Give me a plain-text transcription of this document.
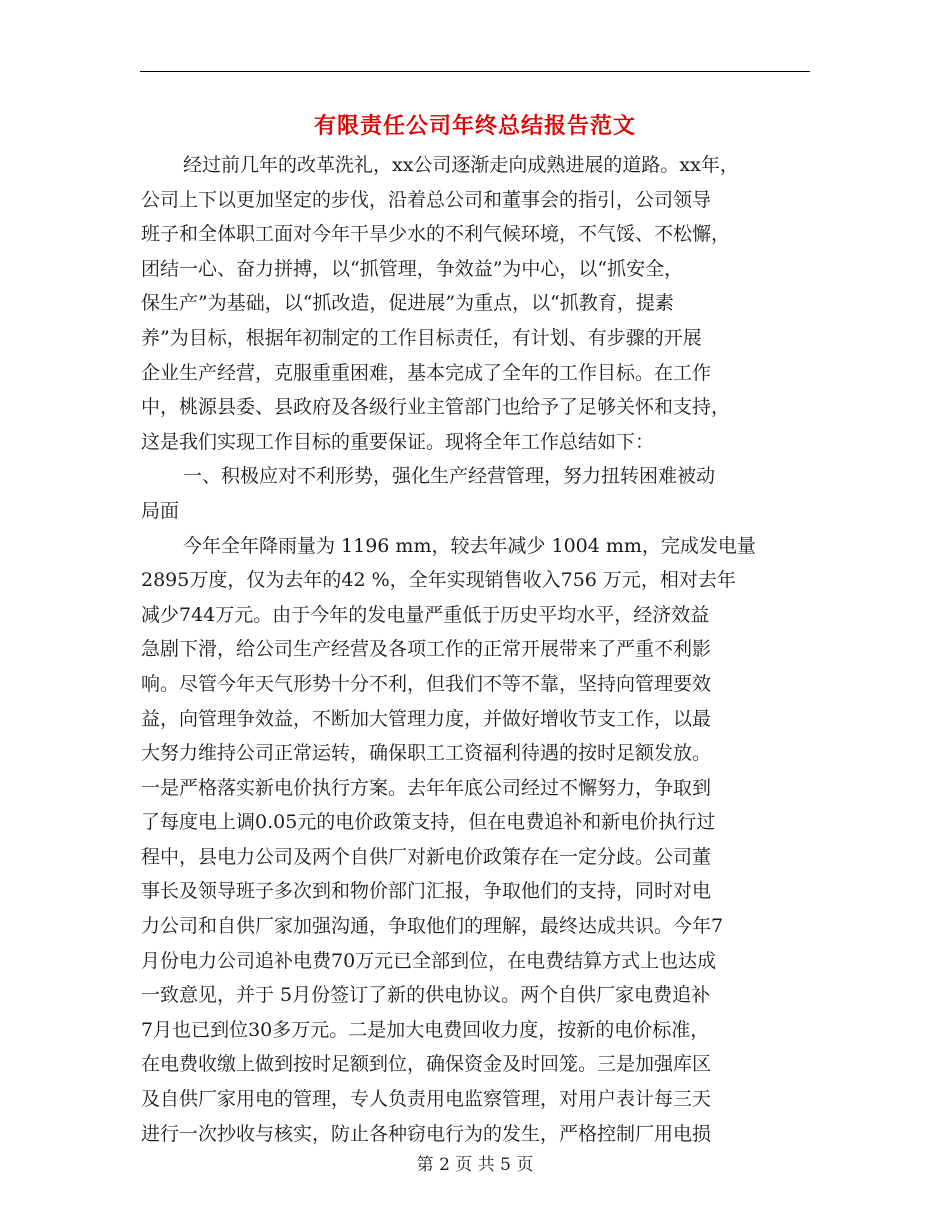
有限责任公司年终总结报告范文
经过前几年的改革洗礼，xx公司逐渐走向成熟进展的道路。xx年，
公司上下以更加坚定的步伐，沿着总公司和董事会的指引，公司领导
班子和全体职工面对今年干旱少水的不利气候环境，不气馁、不松懈，
团结一心、奋力拼搏，以“抓管理，争效益”为中心，以“抓安全，
保生产”为基础，以“抓改造，促进展”为重点，以“抓教育，提素
养”为目标，根据年初制定的工作目标责任，有计划、有步骤的开展
企业生产经营，克服重重困难，基本完成了全年的工作目标。在工作
中，桃源县委、县政府及各级行业主管部门也给予了足够关怀和支持，
这是我们实现工作目标的重要保证。现将全年工作总结如下：
一、积极应对不利形势，强化生产经营管理，努力扭转困难被动
局面
今年全年降雨量为 1196 mm，较去年减少 1004 mm，完成发电量
2895万度，仅为去年的42 %，全年实现销售收入756 万元，相对去年
减少744万元。由于今年的发电量严重低于历史平均水平，经济效益
急剧下滑，给公司生产经营及各项工作的正常开展带来了严重不利影
响。尽管今年天气形势十分不利，但我们不等不靠，坚持向管理要效
益，向管理争效益，不断加大管理力度，并做好增收节支工作，以最
大努力维持公司正常运转，确保职工工资福利待遇的按时足额发放。
一是严格落实新电价执行方案。去年年底公司经过不懈努力，争取到
了每度电上调0.05元的电价政策支持，但在电费追补和新电价执行过
程中，县电力公司及两个自供厂对新电价政策存在一定分歧。公司董
事长及领导班子多次到和物价部门汇报，争取他们的支持，同时对电
力公司和自供厂家加强沟通，争取他们的理解，最终达成共识。今年7
月份电力公司追补电费70万元已全部到位，在电费结算方式上也达成
一致意见，并于 5月份签订了新的供电协议。两个自供厂家电费追补
7月也已到位30多万元。二是加大电费回收力度，按新的电价标准，
在电费收缴上做到按时足额到位，确保资金及时回笼。三是加强库区
及自供厂家用电的管理，专人负责用电监察管理，对用户表计每三天
进行一次抄收与核实，防止各种窃电行为的发生，严格控制厂用电损
第 2 页 共 5 页
